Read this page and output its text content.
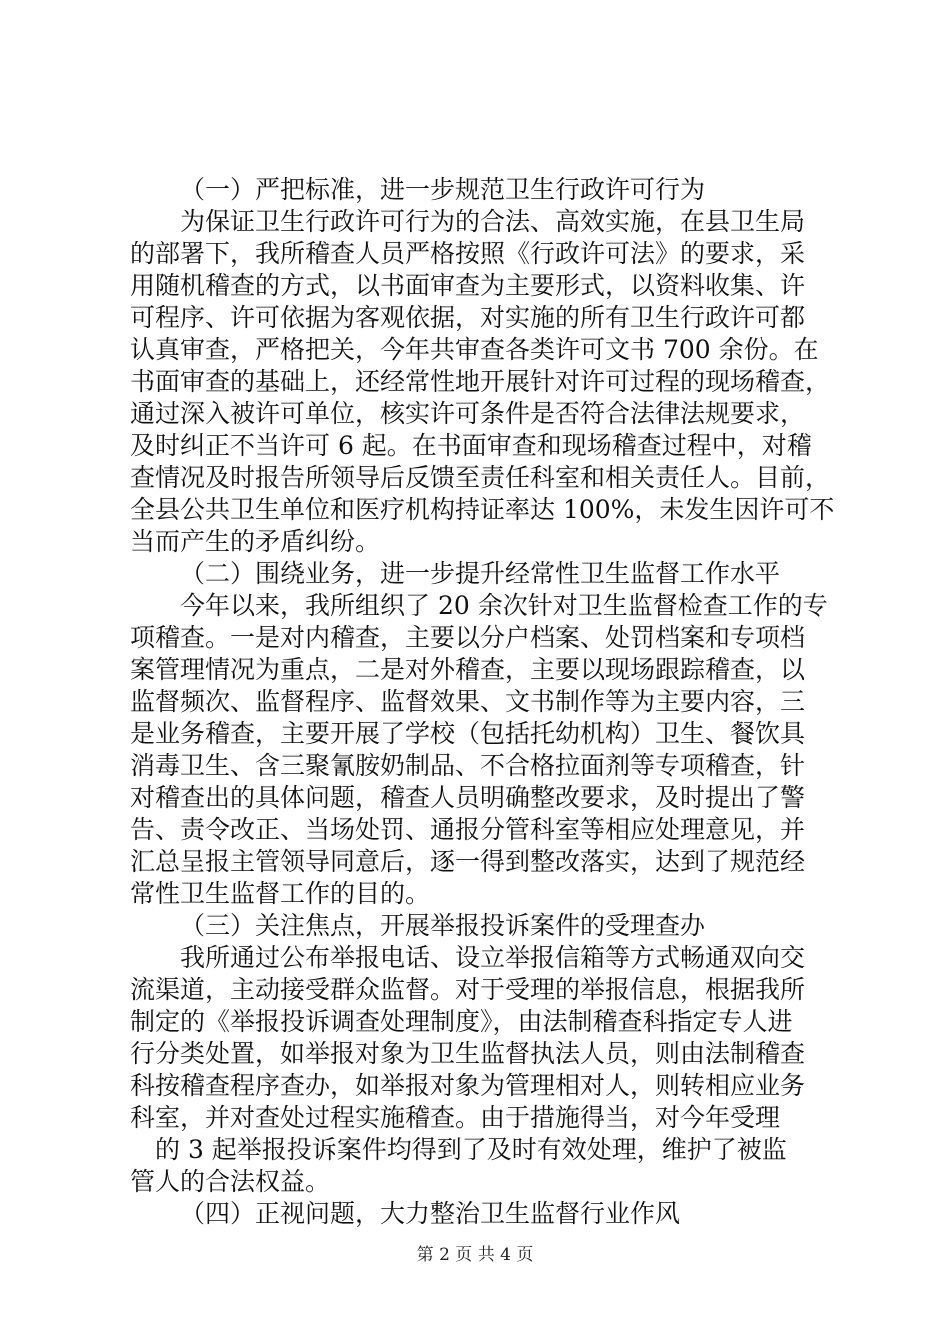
（一）严把标准，进一步规范卫生行政许可行为
为保证卫生行政许可行为的合法、高效实施，在县卫生局
的部署下，我所稽查人员严格按照《行政许可法》的要求，采
用随机稽查的方式，以书面审查为主要形式，以资料收集、许
可程序、许可依据为客观依据，对实施的所有卫生行政许可都
认真审查，严格把关，今年共审查各类许可文书 700 余份。在
书面审查的基础上，还经常性地开展针对许可过程的现场稽查，
通过深入被许可单位，核实许可条件是否符合法律法规要求，
及时纠正不当许可 6 起。在书面审查和现场稽查过程中，对稽
查情况及时报告所领导后反馈至责任科室和相关责任人。目前，
全县公共卫生单位和医疗机构持证率达 100%，未发生因许可不
当而产生的矛盾纠纷。
（二）围绕业务，进一步提升经常性卫生监督工作水平
今年以来，我所组织了 20 余次针对卫生监督检查工作的专
项稽查。一是对内稽查，主要以分户档案、处罚档案和专项档
案管理情况为重点，二是对外稽查，主要以现场跟踪稽查，以
监督频次、监督程序、监督效果、文书制作等为主要内容，三
是业务稽查，主要开展了学校（包括托幼机构）卫生、餐饮具
消毒卫生、含三聚氰胺奶制品、不合格拉面剂等专项稽查，针
对稽查出的具体问题，稽查人员明确整改要求，及时提出了警
告、责令改正、当场处罚、通报分管科室等相应处理意见，并
汇总呈报主管领导同意后，逐一得到整改落实，达到了规范经
常性卫生监督工作的目的。
（三）关注焦点，开展举报投诉案件的受理查办
我所通过公布举报电话、设立举报信箱等方式畅通双向交
流渠道，主动接受群众监督。对于受理的举报信息，根据我所
制定的《举报投诉调查处理制度》，由法制稽查科指定专人进
行分类处置，如举报对象为卫生监督执法人员，则由法制稽查
科按稽查程序查办，如举报对象为管理相对人，则转相应业务
科室，并对查处过程实施稽查。由于措施得当，对今年受理
的 3 起举报投诉案件均得到了及时有效处理，维护了被监
管人的合法权益。
（四）正视问题，大力整治卫生监督行业作风
第 2 页 共 4 页
